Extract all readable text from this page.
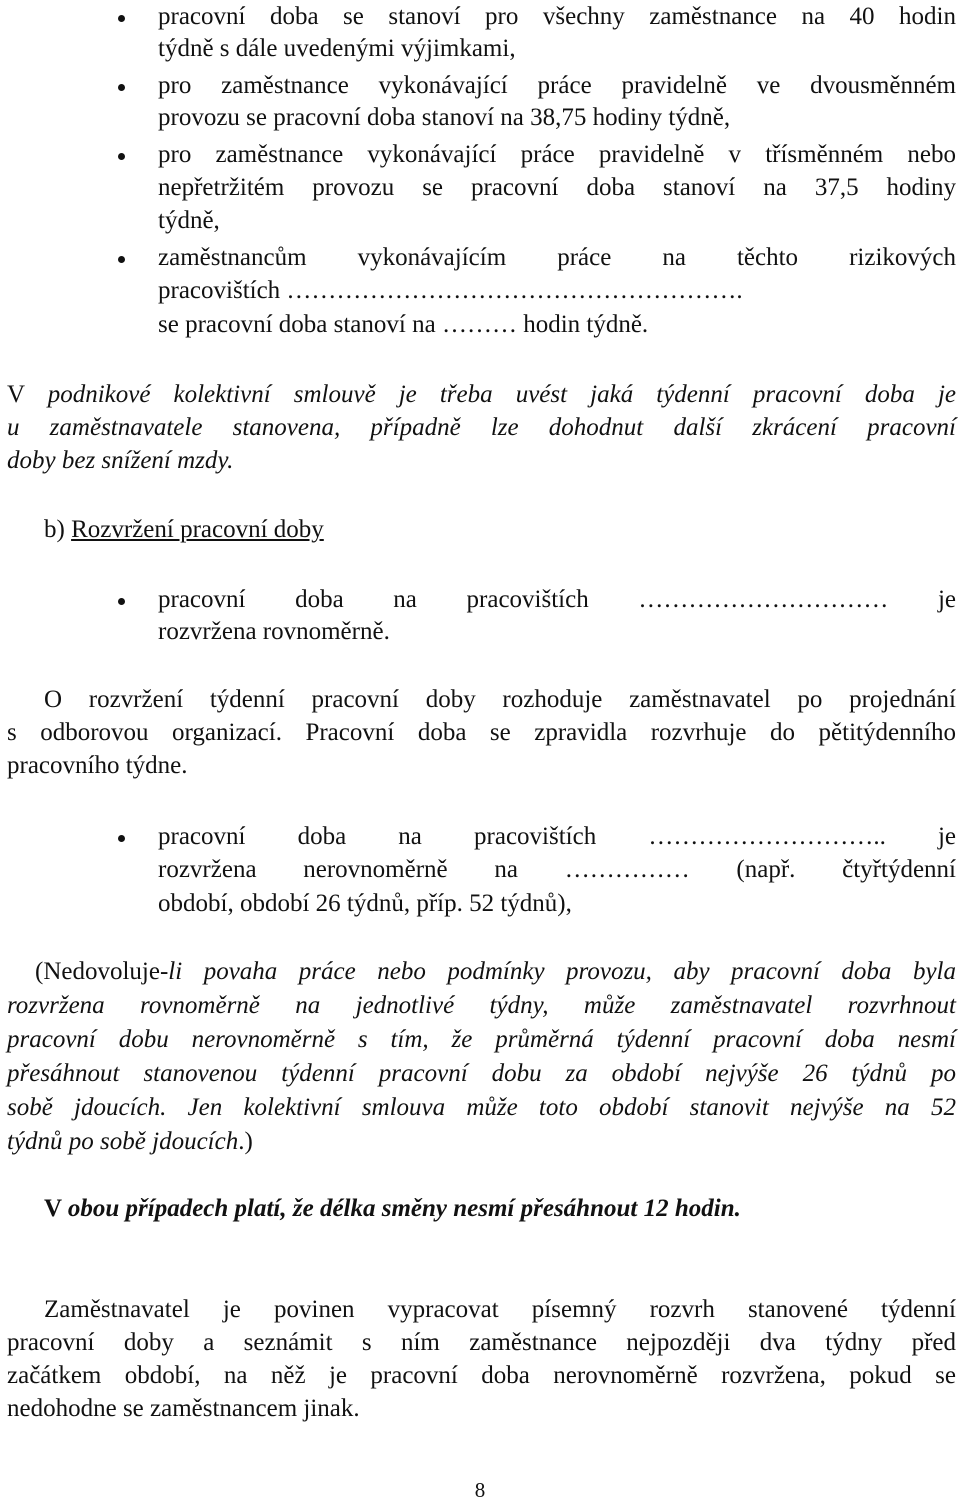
pracovní doba se stanoví pro všechny zaměstnance na 40 hodin
týdně s dále uvedenými výjimkami,
pro zaměstnance vykonávající práce pravidelně ve dvousměnném
provozu se pracovní doba stanoví na 38,75 hodiny týdně,
pro zaměstnance vykonávající práce pravidelně v třísměnném nebo
nepřetržitém provozu se pracovní doba stanoví na 37,5 hodiny
týdně,
zaměstnancům vykonávajícím práce na těchto rizikových
pracovištích ……………………………………………….
se pracovní doba stanoví na ……… hodin týdně.
V podnikové kolektivní smlouvě je třeba uvést jaká týdenní pracovní doba je
u zaměstnavatele stanovena, případně lze dohodnut další zkrácení pracovní
doby bez snížení mzdy.
b) Rozvržení pracovní doby
pracovní doba na pracovištích ………………………… je
rozvržena rovnoměrně.
O rozvržení týdenní pracovní doby rozhoduje zaměstnavatel po projednání
s odborovou organizací. Pracovní doba se zpravidla rozvrhuje do pětitýdenního
pracovního týdne.
pracovní doba na pracovištích ……………………….. je
rozvržena nerovnoměrně na …………… (např. čtyřtýdenní
období, období 26 týdnů, příp. 52 týdnů),
(Nedovoluje-li povaha práce nebo podmínky provozu, aby pracovní doba byla
rozvržena rovnoměrně na jednotlivé týdny, může zaměstnavatel rozvrhnout
pracovní dobu nerovnoměrně s tím, že průměrná týdenní pracovní doba nesmí
přesáhnout stanovenou týdenní pracovní dobu za období nejvýše 26 týdnů po
sobě jdoucích. Jen kolektivní smlouva může toto období stanovit nejvýše na 52
týdnů po sobě jdoucích.)
V obou případech platí, že délka směny nesmí přesáhnout 12 hodin.
Zaměstnavatel je povinen vypracovat písemný rozvrh stanovené týdenní
pracovní doby a seznámit s ním zaměstnance nejpozději dva týdny před
začátkem období, na něž je pracovní doba nerovnoměrně rozvržena, pokud se
nedohodne se zaměstnancem jinak.
8
